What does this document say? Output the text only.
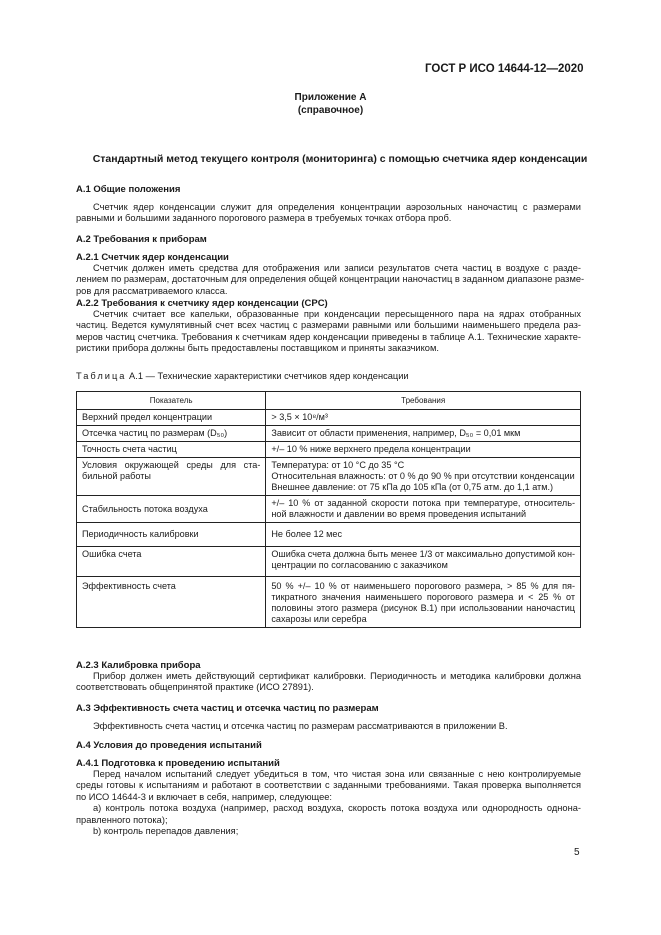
ГОСТ Р ИСО 14644-12—2020
Приложение А
(справочное)
Стандартный метод текущего контроля (мониторинга) с помощью счетчика ядер конденсации
А.1 Общие положения
Счетчик ядер конденсации служит для определения концентрации аэрозольных наночастиц с размерами
равными и большими заданного порогового размера в требуемых точках отбора проб.
А.2 Требования к приборам
А.2.1 Счетчик ядер конденсации
Счетчик должен иметь средства для отображения или записи результатов счета частиц в воздухе с разде-
лением по размерам, достаточным для определения общей концентрации наночастиц в заданном диапазоне разме-
ров для рассматриваемого класса.
А.2.2 Требования к счетчику ядер конденсации (CPC)
Счетчик считает все капельки, образованные при конденсации пересыщенного пара на ядрах отобранных
частиц. Ведется кумулятивный счет всех частиц с размерами равными или большими наименьшего предела раз-
меров частиц счетчика. Требования к счетчикам ядер конденсации приведены в таблице А.1. Технические характе-
ристики прибора должны быть предоставлены поставщиком и приняты заказчиком.
Таблица А.1 — Технические характеристики счетчиков ядер конденсации
Показатель	Требования

Верхний предел концентрации	> 3,5 × 10⁸/м³

Отсечка частиц по размерам (D₅₀)	Зависит от области применения, например, D₅₀ = 0,01 мкм

Точность счета частиц	+/– 10 % ниже верхнего предела концентрации

Условия окружающей среды для ста-
бильной работы	Температура: от 10 °С до 35 °С
Относительная влажность: от 0 % до 90 % при отсутствии конденсации
Внешнее давление: от 75 кПа до 105 кПа (от 0,75 атм. до 1,1 атм.)

Стабильность потока воздуха	+/– 10 % от заданной скорости потока при температуре, относитель-
ной влажности и давлении во время проведения испытаний

Периодичность калибровки	Не более 12 мес

Ошибка счета	Ошибка счета должна быть менее 1/3 от максимально допустимой кон-
центрации по согласованию с заказчиком

Эффективность счета	50 % +/– 10 % от наименьшего порогового размера, > 85 % для пя-
тикратного значения наименьшего порогового размера и < 25 % от
половины этого размера (рисунок В.1) при использовании наночастиц
сахарозы или серебра
А.2.3 Калибровка прибора
Прибор должен иметь действующий сертификат калибровки. Периодичность и методика калибровки должна
соответствовать общепринятой практике (ИСО 27891).
А.3 Эффективность счета частиц и отсечка частиц по размерам
Эффективность счета частиц и отсечка частиц по размерам рассматриваются в приложении В.
А.4 Условия до проведения испытаний
А.4.1 Подготовка к проведению испытаний
Перед началом испытаний следует убедиться в том, что чистая зона или связанные с нею контролируемые
среды готовы к испытаниям и работают в соответствии с заданными требованиями. Такая проверка выполняется
по ИСО 14644-3 и включает в себя, например, следующее:
а) контроль потока воздуха (например, расход воздуха, скорость потока воздуха или однородность однона-
правленного потока);
b) контроль перепадов давления;
5
